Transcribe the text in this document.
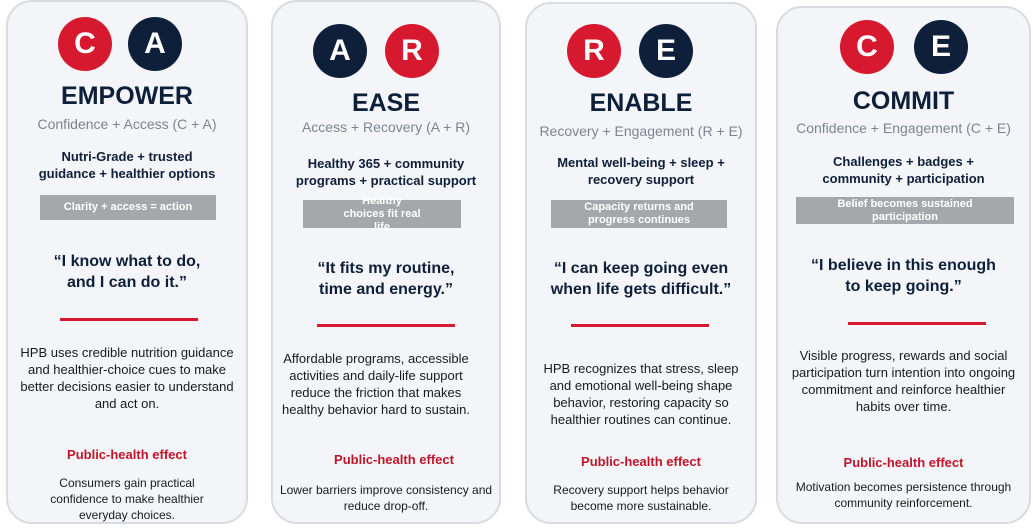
C	A
EMPOWER
Confidence + Access (C + A)
Nutri-Grade + trusted guidance + healthier options
Clarity + access = action
“I know what to do, and I can do it.”
HPB uses credible nutrition guidance and healthier-choice cues to make better decisions easier to understand and act on.
Public-health effect
Consumers gain practical confidence to make healthier everyday choices.
A	R
EASE
Access + Recovery (A + R)
Healthy 365 + community programs + practical support
Healthy choices fit real life
“It fits my routine, time and energy.”
Affordable programs, accessible activities and daily-life support reduce the friction that makes healthy behavior hard to sustain.
Public-health effect
Lower barriers improve consistency and reduce drop-off.
R	E
ENABLE
Recovery + Engagement (R + E)
Mental well-being + sleep + recovery support
Capacity returns and progress continues
“I can keep going even when life gets difficult.”
HPB recognizes that stress, sleep and emotional well-being shape behavior, restoring capacity so healthier routines can continue.
Public-health effect
Recovery support helps behavior become more sustainable.
C	E
COMMIT
Confidence + Engagement (C + E)
Challenges + badges + community + participation
Belief becomes sustained participation
“I believe in this enough to keep going.”
Visible progress, rewards and social participation turn intention into ongoing commitment and reinforce healthier habits over time.
Public-health effect
Motivation becomes persistence through community reinforcement.
